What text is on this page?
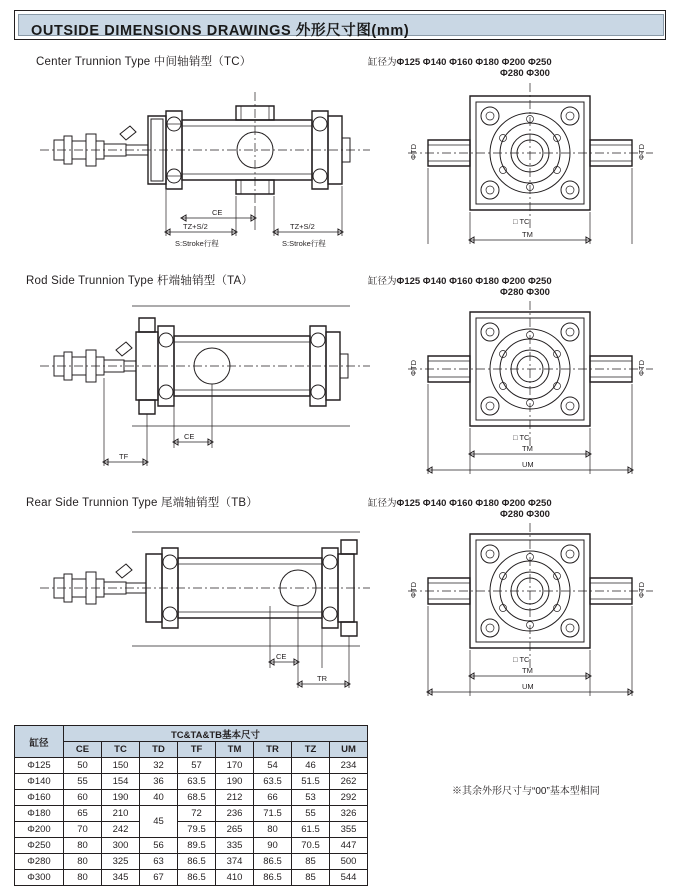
OUTSIDE DIMENSIONS DRAWINGS 外形尺寸图(mm)
Center Trunnion Type 中间轴销型（TC）	缸径为Φ125 Φ140 Φ160 Φ180 Φ200 Φ250
Φ280 Φ300
CE
TZ+S/2	TZ+S/2
S:Stroke行程	S:Stroke行程
ΦTD	ΦTD
□ TC
TM
Rod Side Trunnion Type 杆端轴销型（TA）	缸径为Φ125 Φ140 Φ160 Φ180 Φ200 Φ250
Φ280 Φ300
CE
TF
ΦTD	ΦTD
□ TC
TM
UM
Rear Side Trunnion Type 尾端轴销型（TB）	缸径为Φ125 Φ140 Φ160 Φ180 Φ200 Φ250
Φ280 Φ300
CE
TR
ΦTD	ΦTD
□ TC
TM
UM
缸径	TC&TA&TB基本尺寸							
	CE	TC	TD	TF	TM	TR	TZ	UM
Φ125	50	150	32	57	170	54	46	234
Φ140	55	154	36	63.5	190	63.5	51.5	262
Φ160	60	190	40	68.5	212	66	53	292
Φ180	65	210	45	72	236	71.5	55	326
Φ200	70	242		79.5	265	80	61.5	355
Φ250	80	300	56	89.5	335	90	70.5	447
Φ280	80	325	63	86.5	374	86.5	85	500
Φ300	80	345	67	86.5	410	86.5	85	544
※其余外形尺寸与“00”基本型相同
